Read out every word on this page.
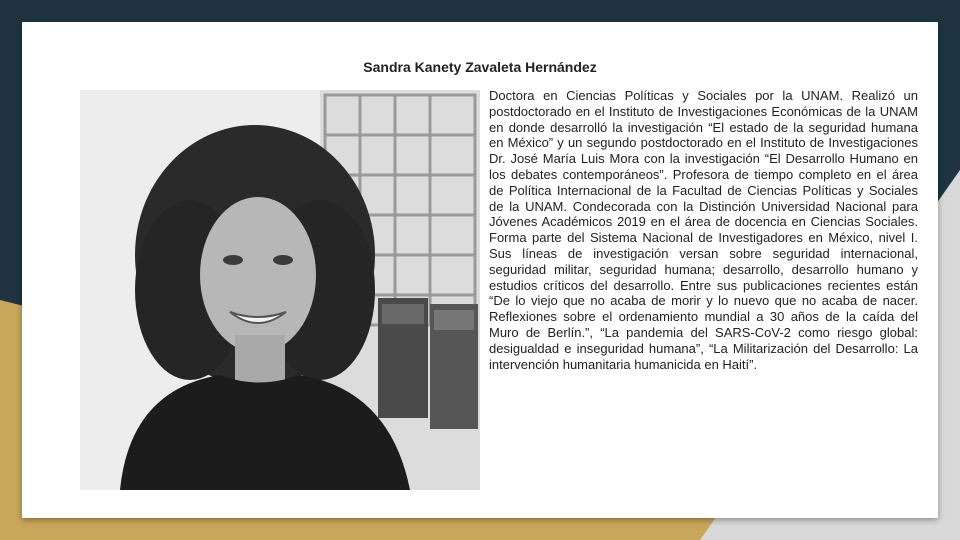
Sandra Kanety Zavaleta Hernández

Doctora en Ciencias Políticas y Sociales por la UNAM. Realizó un postdoctorado en el Instituto de Investigaciones Económicas de la UNAM en donde desarrolló la investigación “El estado de la seguridad humana en México” y un segundo postdoctorado en el Instituto de Investigaciones Dr. José María Luis Mora con la investigación “El Desarrollo Humano en los debates contemporáneos”. Profesora de tiempo completo en el área de Política Internacional de la Facultad de Ciencias Políticas y Sociales de la UNAM. Condecorada con la Distinción Universidad Nacional para Jóvenes Académicos 2019 en el área de docencia en Ciencias Sociales. Forma parte del Sistema Nacional de Investigadores en México, nivel I. Sus líneas de investigación versan sobre seguridad internacional, seguridad militar, seguridad humana; desarrollo, desarrollo humano y estudios críticos del desarrollo. Entre sus publicaciones recientes están “De lo viejo que no acaba de morir y lo nuevo que no acaba de nacer. Reflexiones sobre el ordenamiento mundial a 30 años de la caída del Muro de Berlín.”, “La pandemia del SARS-CoV-2 como riesgo global: desigualdad e inseguridad humana”, “La Militarización del Desarrollo: La intervención humanitaria humanicida en Haití”.
